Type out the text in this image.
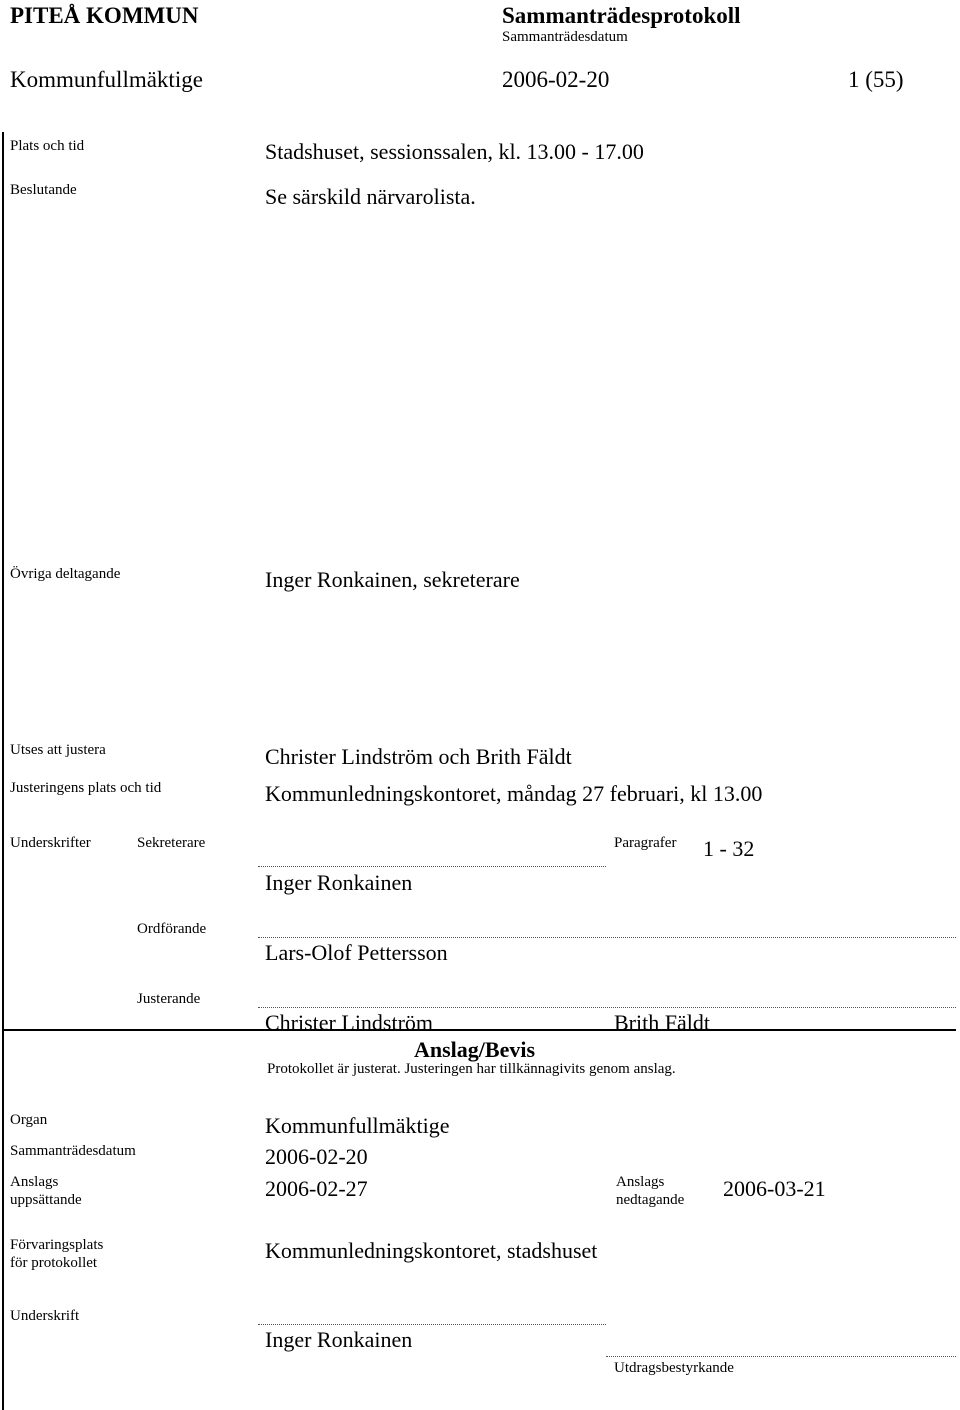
PITEÅ KOMMUN	Sammanträdesprotokoll
Sammanträdesdatum
Kommunfullmäktige	2006-02-20	1 (55)
Plats och tid	Stadshuset, sessionssalen, kl. 13.00 - 17.00
Beslutande	Se särskild närvarolista.
Övriga deltagande	Inger Ronkainen, sekreterare
Utses att justera	Christer Lindström och Brith Fäldt
Justeringens plats och tid	Kommunledningskontoret, måndag 27 februari, kl 13.00
Underskrifter	Sekreterare	Paragrafer 1 - 32
Inger Ronkainen
Ordförande
Lars-Olof Pettersson
Justerande
Christer Lindström	Brith Fäldt
Anslag/Bevis
Protokollet är justerat. Justeringen har tillkännagivits genom anslag.
Organ	Kommunfullmäktige
Sammanträdesdatum	2006-02-20
Anslags
uppsättande	2006-02-27	Anslags
nedtagande 2006-03-21
Förvaringsplats
för protokollet	Kommunledningskontoret, stadshuset
Underskrift
Inger Ronkainen
Utdragsbestyrkande
